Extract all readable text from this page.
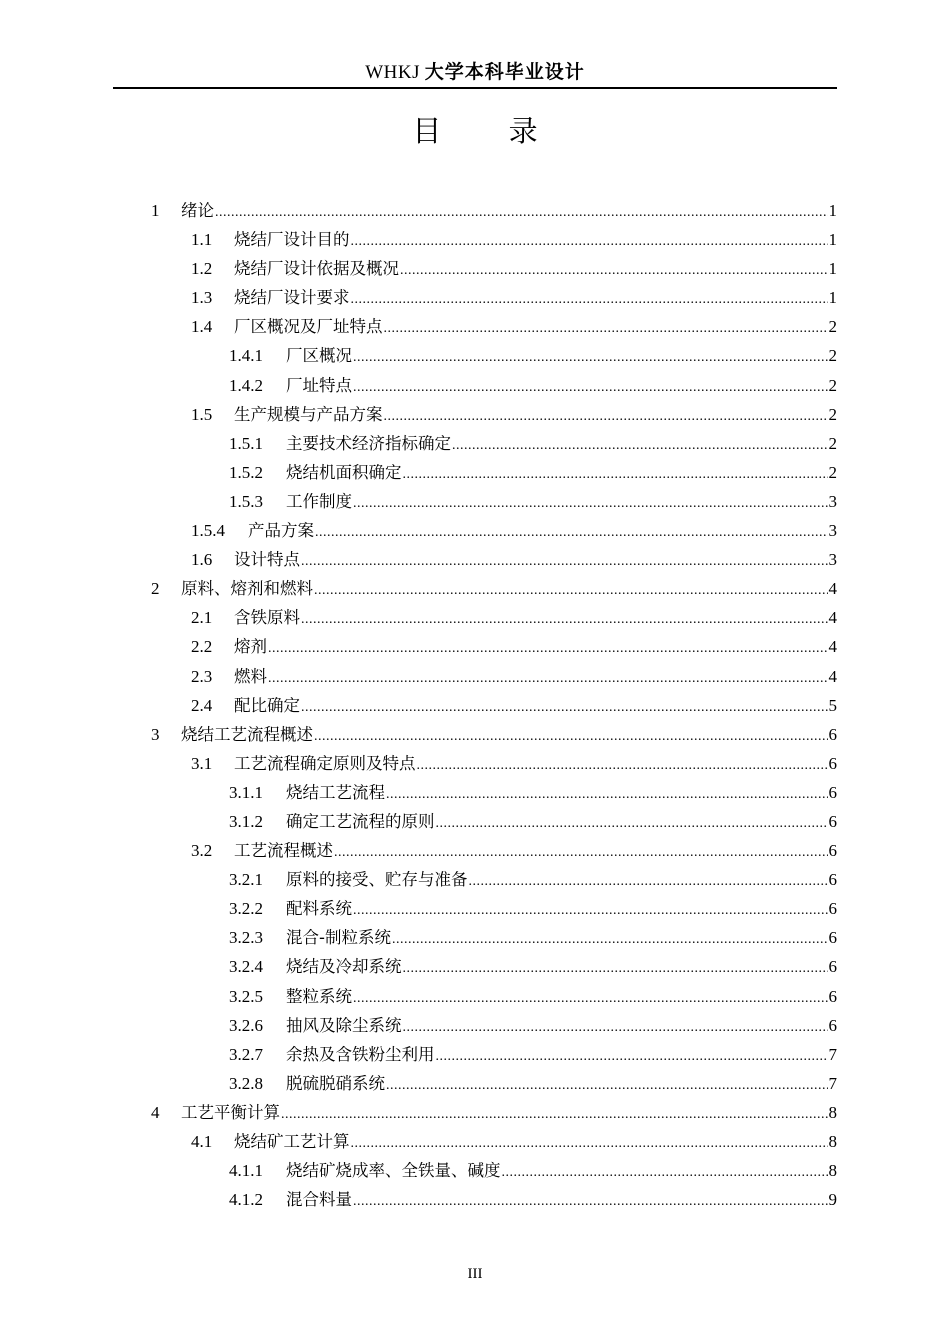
WHKJ 大学本科毕业设计
目 录
1 绪论 .....	1
1.1 烧结厂设计目的 .....	1
1.2 烧结厂设计依据及概况 .....	1
1.3 烧结厂设计要求 .....	1
1.4 厂区概况及厂址特点 .....	2
1.4.1 厂区概况 .....	2
1.4.2 厂址特点 .....	2
1.5 生产规模与产品方案 .....	2
1.5.1 主要技术经济指标确定 .....	2
1.5.2 烧结机面积确定 .....	2
1.5.3 工作制度 .....	3
1.5.4 产品方案 .....	3
1.6 设计特点 .....	3
2 原料、熔剂和燃料 .....	4
2.1 含铁原料 .....	4
2.2 熔剂 .....	4
2.3 燃料 .....	4
2.4 配比确定 .....	5
3 烧结工艺流程概述 .....	6
3.1 工艺流程确定原则及特点 .....	6
3.1.1 烧结工艺流程 .....	6
3.1.2 确定工艺流程的原则 .....	6
3.2 工艺流程概述 .....	6
3.2.1 原料的接受、贮存与准备 .....	6
3.2.2 配料系统 .....	6
3.2.3 混合-制粒系统 .....	6
3.2.4 烧结及冷却系统 .....	6
3.2.5 整粒系统 .....	6
3.2.6 抽风及除尘系统 .....	6
3.2.7 余热及含铁粉尘利用 .....	7
3.2.8 脱硫脱硝系统 .....	7
4 工艺平衡计算 .....	8
4.1 烧结矿工艺计算 .....	8
4.1.1 烧结矿烧成率、全铁量、碱度 .....	8
4.1.2 混合料量 .....	9
III
